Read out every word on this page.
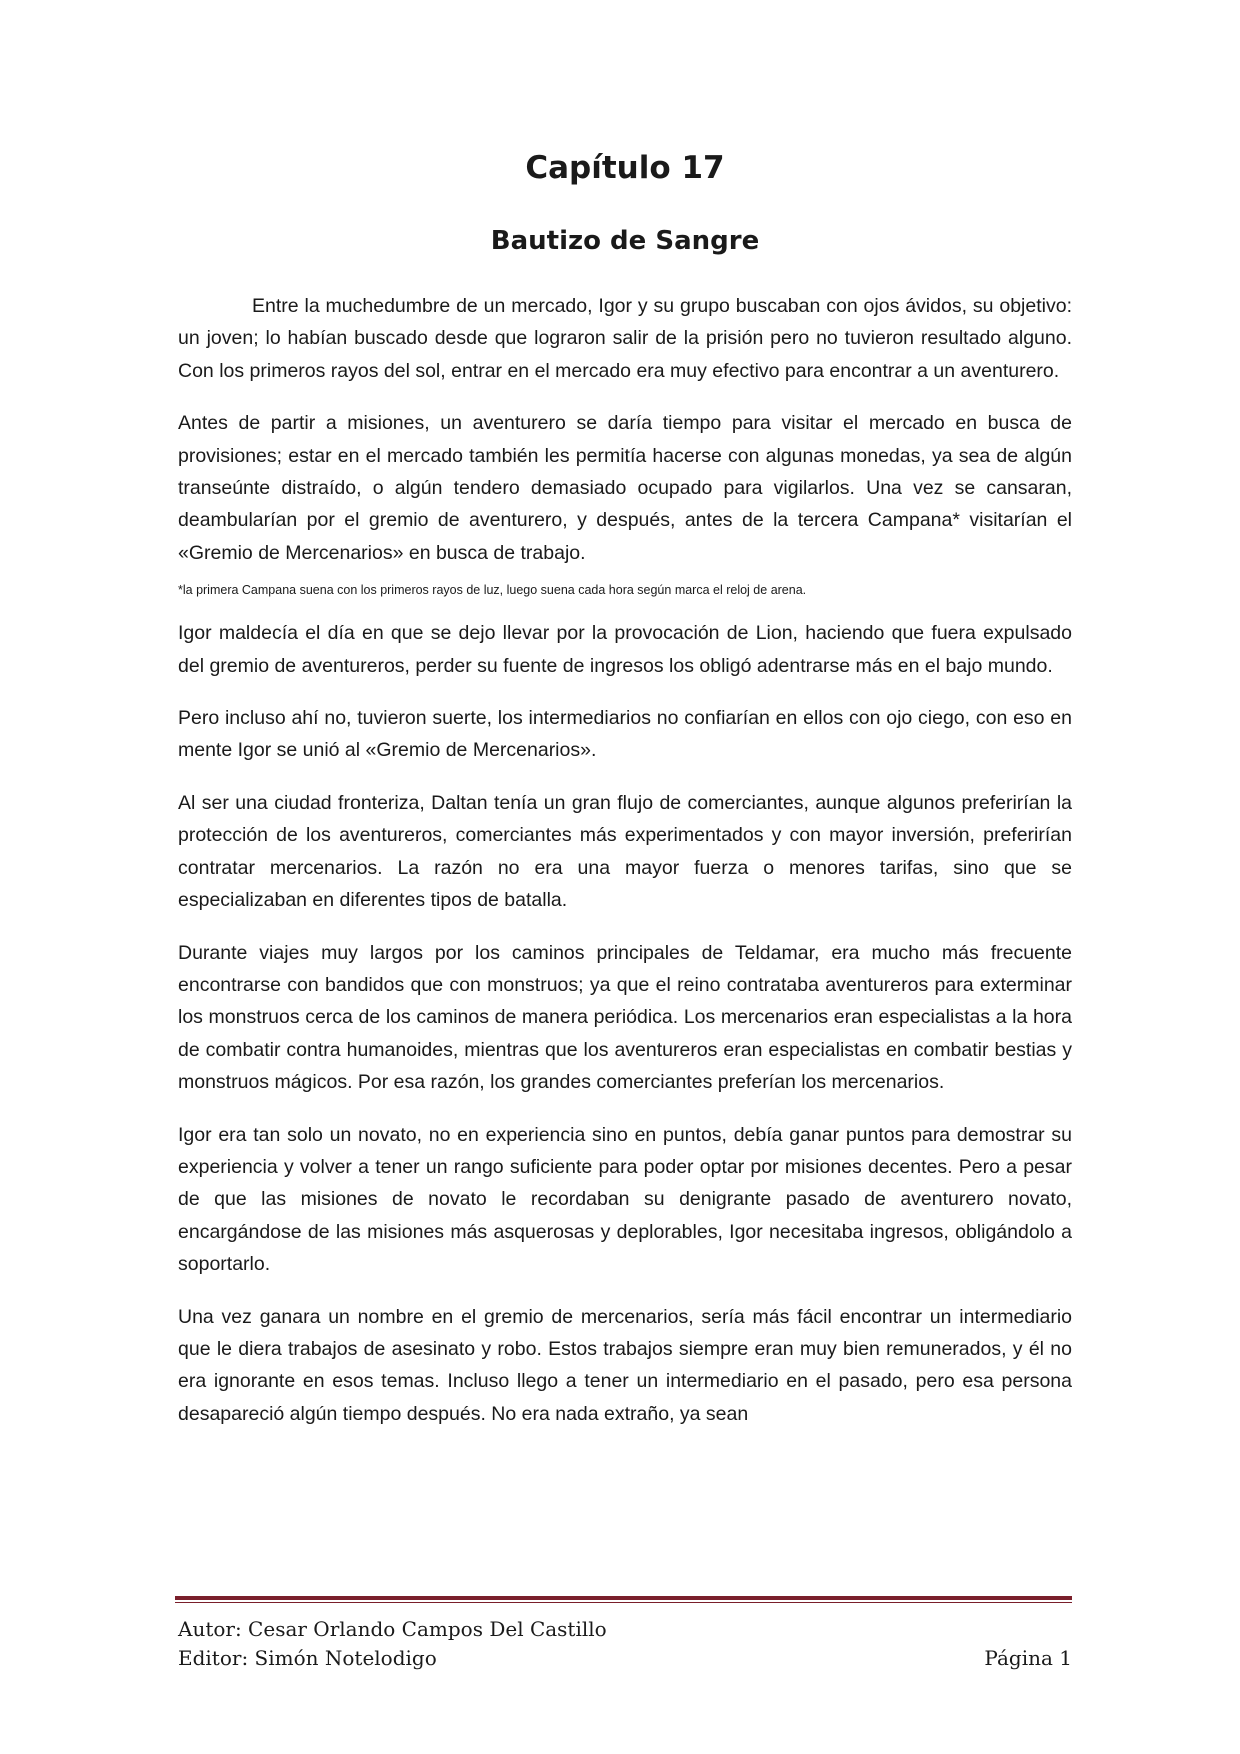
Capítulo 17
Bautizo de Sangre

Entre la muchedumbre de un mercado, Igor y su grupo buscaban con ojos ávidos, su objetivo: un joven; lo habían buscado desde que lograron salir de la prisión pero no tuvieron resultado alguno. Con los primeros rayos del sol, entrar en el mercado era muy efectivo para encontrar a un aventurero.

Antes de partir a misiones, un aventurero se daría tiempo para visitar el mercado en busca de provisiones; estar en el mercado también les permitía hacerse con algunas monedas, ya sea de algún transeúnte distraído, o algún tendero demasiado ocupado para vigilarlos. Una vez se cansaran, deambularían por el gremio de aventurero, y después, antes de la tercera Campana* visitarían el «Gremio de Mercenarios» en busca de trabajo.

*la primera Campana suena con los primeros rayos de luz, luego suena cada hora según marca el reloj de arena.

Igor maldecía el día en que se dejo llevar por la provocación de Lion, haciendo que fuera expulsado del gremio de aventureros, perder su fuente de ingresos los obligó adentrarse más en el bajo mundo.

Pero incluso ahí no, tuvieron suerte, los intermediarios no confiarían en ellos con ojo ciego, con eso en mente Igor se unió al «Gremio de Mercenarios».

Al ser una ciudad fronteriza, Daltan tenía un gran flujo de comerciantes, aunque algunos preferirían la protección de los aventureros, comerciantes más experimentados y con mayor inversión, preferirían contratar mercenarios. La razón no era una mayor fuerza o menores tarifas, sino que se especializaban en diferentes tipos de batalla.

Durante viajes muy largos por los caminos principales de Teldamar, era mucho más frecuente encontrarse con bandidos que con monstruos; ya que el reino contrataba aventureros para exterminar los monstruos cerca de los caminos de manera periódica. Los mercenarios eran especialistas a la hora de combatir contra humanoides, mientras que los aventureros eran especialistas en combatir bestias y monstruos mágicos. Por esa razón, los grandes comerciantes preferían los mercenarios.

Igor era tan solo un novato, no en experiencia sino en puntos, debía ganar puntos para demostrar su experiencia y volver a tener un rango suficiente para poder optar por misiones decentes. Pero a pesar de que las misiones de novato le recordaban su denigrante pasado de aventurero novato, encargándose de las misiones más asquerosas y deplorables, Igor necesitaba ingresos, obligándolo a soportarlo.

Una vez ganara un nombre en el gremio de mercenarios, sería más fácil encontrar un intermediario que le diera trabajos de asesinato y robo. Estos trabajos siempre eran muy bien remunerados, y él no era ignorante en esos temas. Incluso llego a tener un intermediario en el pasado, pero esa persona desapareció algún tiempo después. No era nada extraño, ya sean

Autor: Cesar Orlando Campos Del Castillo
Editor: Simón Notelodigo	Página 1
